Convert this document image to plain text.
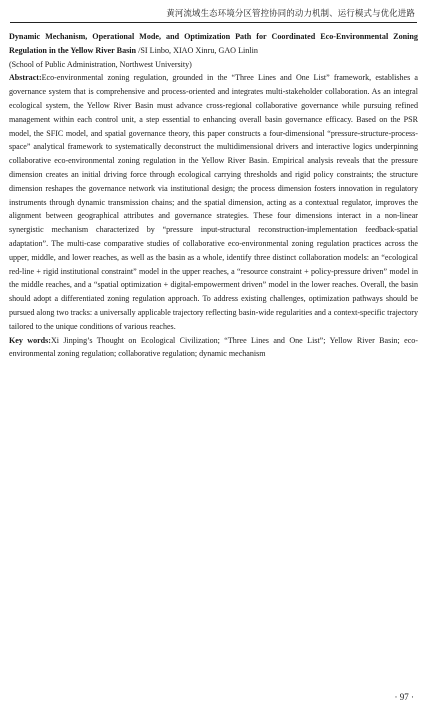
黄河流域生态环境分区管控协同的动力机制、运行模式与优化进路

Dynamic Mechanism, Operational Mode, and Optimization Path for Coordinated Eco-Environmental Zoning Regulation in the Yellow River Basin /SI Linbo, XIAO Xinru, GAO Linlin

(School of Public Administration, Northwest University)

Abstract:Eco-environmental zoning regulation, grounded in the “Three Lines and One List” framework, establishes a governance system that is comprehensive and process-oriented and integrates multi-stakeholder collaboration. As an integral ecological system, the Yellow River Basin must advance cross-regional collaborative governance while pursuing refined management within each control unit, a step essential to enhancing overall basin governance efficacy. Based on the PSR model, the SFIC model, and spatial governance theory, this paper constructs a four-dimensional “pressure-structure-process-space” analytical framework to systematically deconstruct the multidimensional drivers and interactive logics underpinning collaborative eco-environmental zoning regulation in the Yellow River Basin. Empirical analysis reveals that the pressure dimension creates an initial driving force through ecological carrying thresholds and rigid policy constraints; the structure dimension reshapes the governance network via institutional design; the process dimension fosters innovation in regulatory instruments through dynamic transmission chains; and the spatial dimension, acting as a contextual regulator, improves the alignment between geographical attributes and governance strategies. These four dimensions interact in a non-linear synergistic mechanism characterized by “pressure input-structural reconstruction-implementation feedback-spatial adaptation”. The multi-case comparative studies of collaborative eco-environmental zoning regulation practices across the upper, middle, and lower reaches, as well as the basin as a whole, identify three distinct collaboration models: an “ecological red-line + rigid institutional constraint” model in the upper reaches, a “resource constraint + policy-pressure driven” model in the middle reaches, and a “spatial optimization + digital-empowerment driven” model in the lower reaches. Overall, the basin should adopt a differentiated zoning regulation approach. To address existing challenges, optimization pathways should be pursued along two tracks: a universally applicable trajectory reflecting basin-wide regularities and a context-specific trajectory tailored to the unique conditions of various reaches.

Key words:Xi Jinping’s Thought on Ecological Civilization; “Three Lines and One List”; Yellow River Basin; eco-environmental zoning regulation; collaborative regulation; dynamic mechanism

· 97 ·
